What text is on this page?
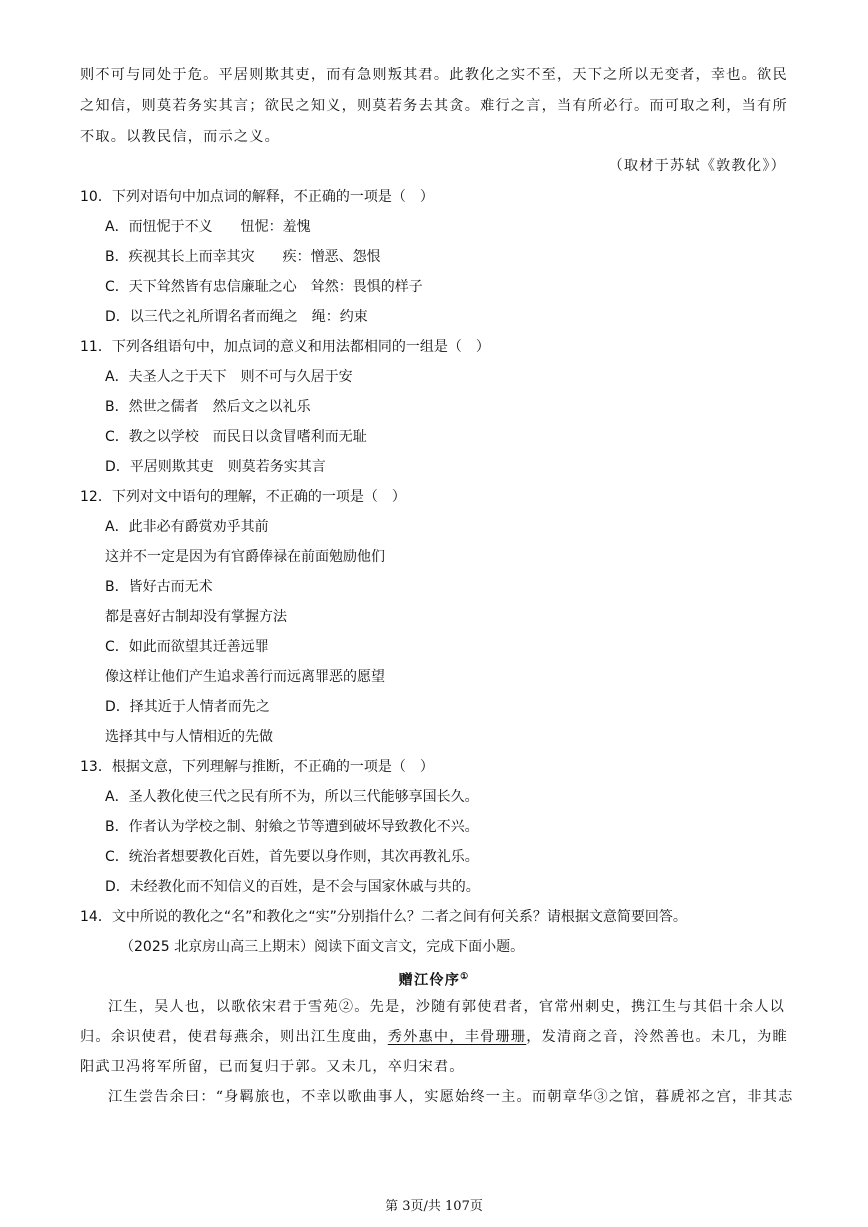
则不可与同处于危。平居则欺其吏，而有急则叛其君。此教化之实不至，天下之所以无变者，幸也。欲民
之知信，则莫若务实其言；欲民之知义，则莫若务去其贪。难行之言，当有所必行。而可取之利，当有所
不取。以教民信，而示之义。
（取材于苏轼《敦教化》）
10．下列对语句中加点词的解释，不正确的一项是（　）
A．而忸怩于不义　　忸怩：羞愧
B．疾视其长上而幸其灾　　疾：憎恶、怨恨
C．天下耸然皆有忠信廉耻之心　耸然：畏惧的样子
D．以三代之礼所谓名者而绳之　绳：约束
11．下列各组语句中，加点词的意义和用法都相同的一组是（　）
A．夫圣人之于天下　则不可与久居于安
B．然世之儒者　然后文之以礼乐
C．教之以学校　而民日以贪冒嗜利而无耻
D．平居则欺其吏　则莫若务实其言
12．下列对文中语句的理解，不正确的一项是（　）
A．此非必有爵赏劝乎其前
这并不一定是因为有官爵俸禄在前面勉励他们
B．皆好古而无术
都是喜好古制却没有掌握方法
C．如此而欲望其迁善远罪
像这样让他们产生追求善行而远离罪恶的愿望
D．择其近于人情者而先之
选择其中与人情相近的先做
13．根据文意，下列理解与推断，不正确的一项是（　）
A．圣人教化使三代之民有所不为，所以三代能够享国长久。
B．作者认为学校之制、射飨之节等遭到破坏导致教化不兴。
C．统治者想要教化百姓，首先要以身作则，其次再教礼乐。
D．未经教化而不知信义的百姓，是不会与国家休戚与共的。
14．文中所说的教化之“名”和教化之“实”分别指什么？二者之间有何关系？请根据文意简要回答。
（2025 北京房山高三上期末）阅读下面文言文，完成下面小题。
赠江伶序①
江生，吴人也，以歌依宋君于雪苑②。先是，沙随有郭使君者，官常州刺史，携江生与其侣十余人以
归。余识使君，使君每燕余，则出江生度曲，秀外惠中，丰骨珊珊，发清商之音，泠然善也。未几，为睢
阳武卫冯将军所留，已而复归于郭。又未几，卒归宋君。
江生尝告余曰：“身羁旅也，不幸以歌曲事人，实愿始终一主。而朝章华③之馆，暮虒祁之宫，非其志
第 3页/共 107页
